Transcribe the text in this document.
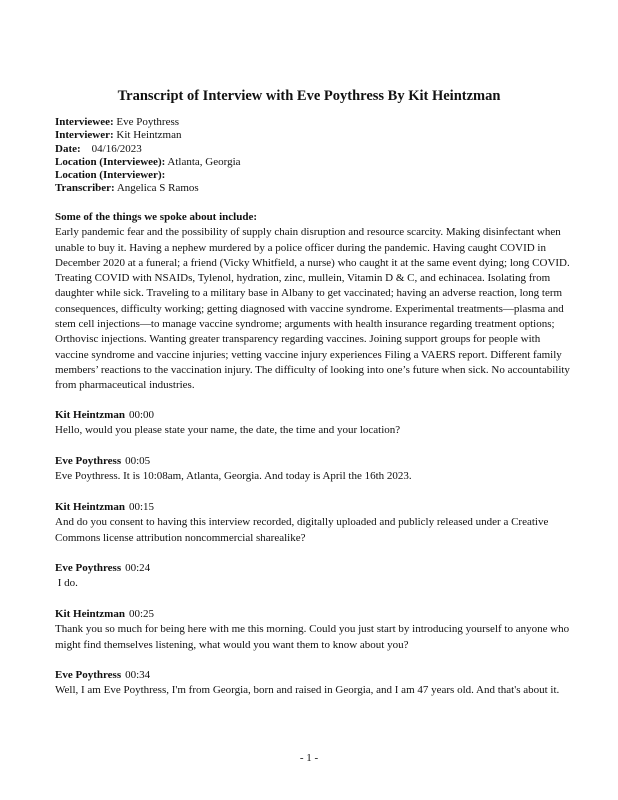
Transcript of Interview with Eve Poythress By Kit Heintzman
Interviewee: Eve Poythress
Interviewer: Kit Heintzman
Date:    04/16/2023
Location (Interviewee): Atlanta, Georgia
Location (Interviewer):
Transcriber: Angelica S Ramos
Some of the things we spoke about include:
Early pandemic fear and the possibility of supply chain disruption and resource scarcity. Making disinfectant when unable to buy it. Having a nephew murdered by a police officer during the pandemic. Having caught COVID in December 2020 at a funeral; a friend (Vicky Whitfield, a nurse) who caught it at the same event dying; long COVID. Treating COVID with NSAIDs, Tylenol, hydration, zinc, mullein, Vitamin D & C, and echinacea. Isolating from daughter while sick. Traveling to a military base in Albany to get vaccinated; having an adverse reaction, long term consequences, difficulty working; getting diagnosed with vaccine syndrome. Experimental treatments—plasma and stem cell injections—to manage vaccine syndrome; arguments with health insurance regarding treatment options; Orthovisc injections. Wanting greater transparency regarding vaccines. Joining support groups for people with vaccine syndrome and vaccine injuries; vetting vaccine injury experiences Filing a VAERS report. Different family members’ reactions to the vaccination injury. The difficulty of looking into one’s future when sick. No accountability from pharmaceutical industries.
Kit Heintzman 00:00
Hello, would you please state your name, the date, the time and your location?
Eve Poythress 00:05
Eve Poythress. It is 10:08am, Atlanta, Georgia. And today is April the 16th 2023.
Kit Heintzman 00:15
And do you consent to having this interview recorded, digitally uploaded and publicly released under a Creative Commons license attribution noncommercial sharealike?
Eve Poythress 00:24
I do.
Kit Heintzman 00:25
Thank you so much for being here with me this morning. Could you just start by introducing yourself to anyone who might find themselves listening, what would you want them to know about you?
Eve Poythress 00:34
Well, I am Eve Poythress, I'm from Georgia, born and raised in Georgia, and I am 47 years old. And that's about it.
- 1 -
